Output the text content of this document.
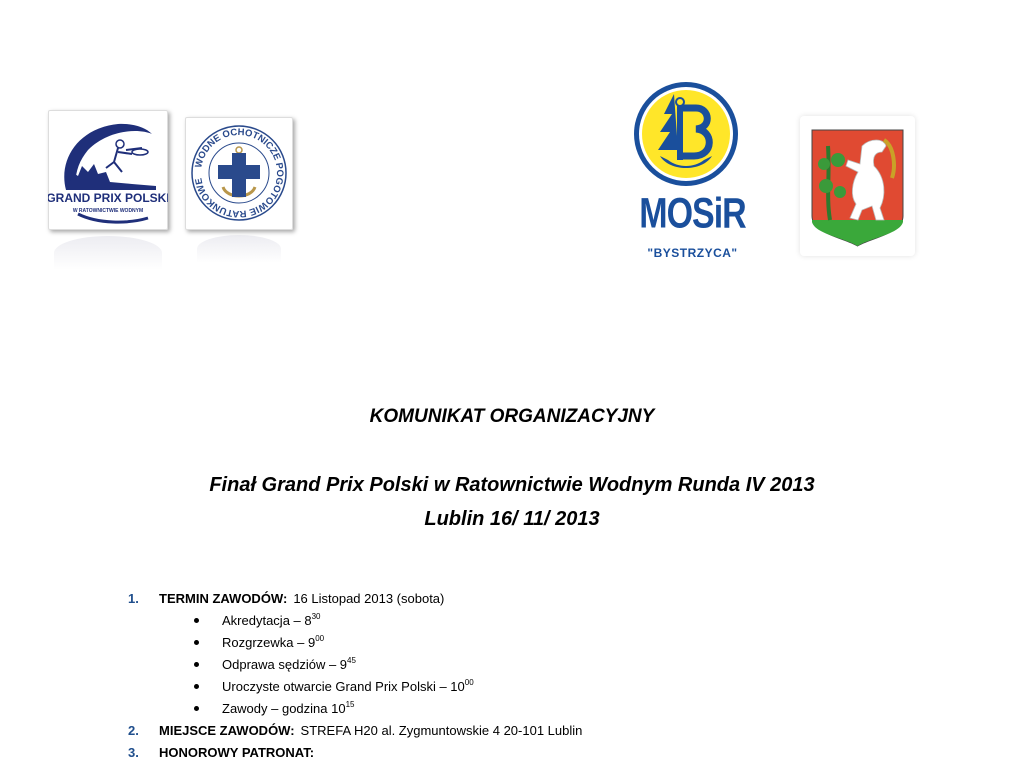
GRAND PRIX POLSKI
W RATOWNICTWIE WODNYM
WODNE OCHOTNICZE POGOTOWIE RATUNKOWE
MOSiR
"BYSTRZYCA"
KOMUNIKAT ORGANIZACYJNY
Finał Grand Prix Polski w Ratownictwie Wodnym Runda IV 2013
Lublin 16/ 11/ 2013
1. TERMIN ZAWODÓW: 16 Listopad 2013 (sobota)
Akredytacja – $8^{30}$
Rozgrzewka – $9^{00}$
Odprawa sędziów – $9^{45}$
Uroczyste otwarcie Grand Prix Polski – $10^{00}$
Zawody – godzina $10^{15}$
2. MIEJSCE ZAWODÓW: STREFA H20 al. Zygmuntowskie 4 20-101 Lublin
3. HONOROWY PATRONAT:
